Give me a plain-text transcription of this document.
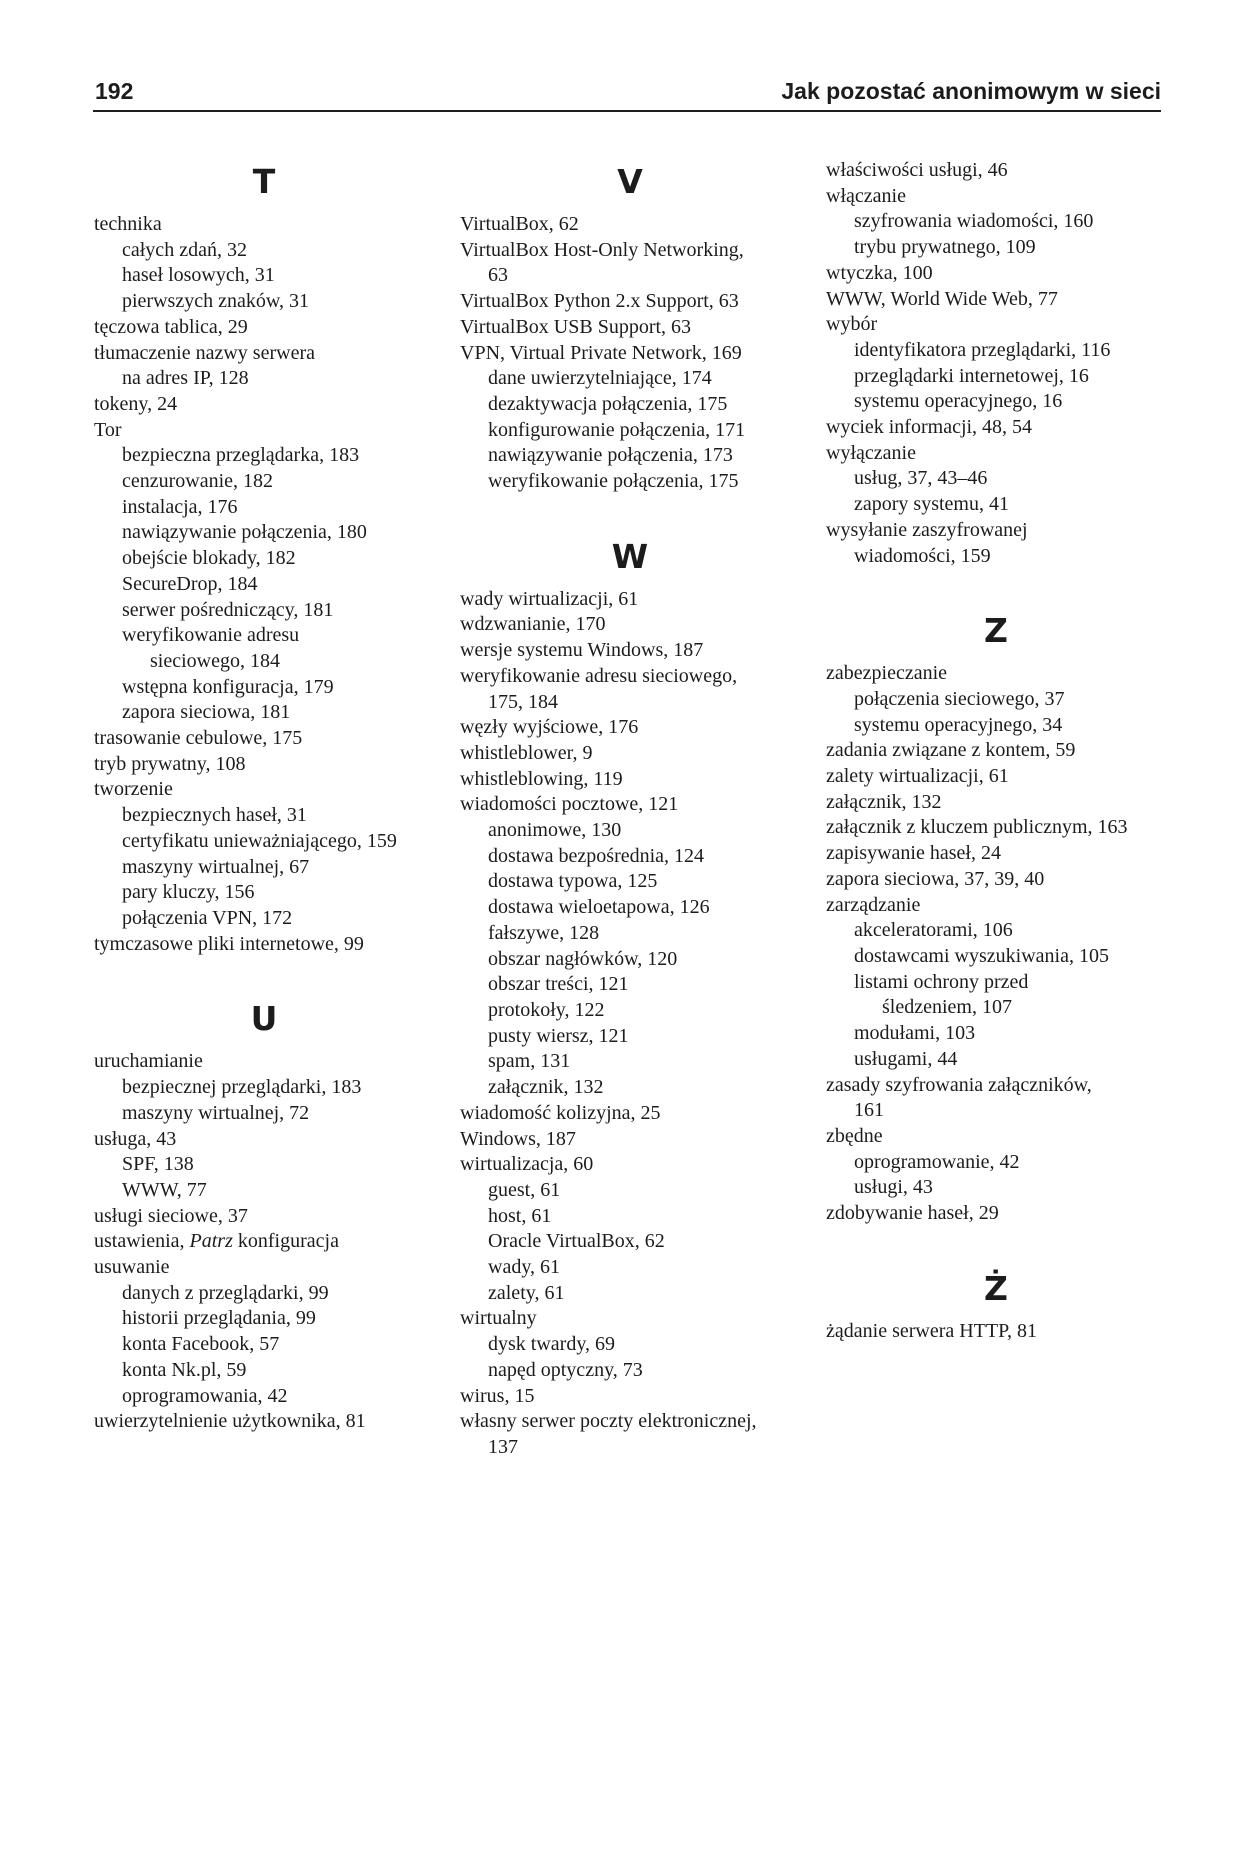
192	Jak pozostać anonimowym w sieci
T
technika
całych zdań, 32
haseł losowych, 31
pierwszych znaków, 31
tęczowa tablica, 29
tłumaczenie nazwy serwera
na adres IP, 128
tokeny, 24
Tor
bezpieczna przeglądarka, 183
cenzurowanie, 182
instalacja, 176
nawiązywanie połączenia, 180
obejście blokady, 182
SecureDrop, 184
serwer pośredniczący, 181
weryfikowanie adresu
sieciowego, 184
wstępna konfiguracja, 179
zapora sieciowa, 181
trasowanie cebulowe, 175
tryb prywatny, 108
tworzenie
bezpiecznych haseł, 31
certyfikatu unieważniającego, 159
maszyny wirtualnej, 67
pary kluczy, 156
połączenia VPN, 172
tymczasowe pliki internetowe, 99
U
uruchamianie
bezpiecznej przeglądarki, 183
maszyny wirtualnej, 72
usługa, 43
SPF, 138
WWW, 77
usługi sieciowe, 37
ustawienia, Patrz konfiguracja
usuwanie
danych z przeglądarki, 99
historii przeglądania, 99
konta Facebook, 57
konta Nk.pl, 59
oprogramowania, 42
uwierzytelnienie użytkownika, 81
V
VirtualBox, 62
VirtualBox Host-Only Networking,
63
VirtualBox Python 2.x Support, 63
VirtualBox USB Support, 63
VPN, Virtual Private Network, 169
dane uwierzytelniające, 174
dezaktywacja połączenia, 175
konfigurowanie połączenia, 171
nawiązywanie połączenia, 173
weryfikowanie połączenia, 175
W
wady wirtualizacji, 61
wdzwanianie, 170
wersje systemu Windows, 187
weryfikowanie adresu sieciowego,
175, 184
węzły wyjściowe, 176
whistleblower, 9
whistleblowing, 119
wiadomości pocztowe, 121
anonimowe, 130
dostawa bezpośrednia, 124
dostawa typowa, 125
dostawa wieloetapowa, 126
fałszywe, 128
obszar nagłówków, 120
obszar treści, 121
protokoły, 122
pusty wiersz, 121
spam, 131
załącznik, 132
wiadomość kolizyjna, 25
Windows, 187
wirtualizacja, 60
guest, 61
host, 61
Oracle VirtualBox, 62
wady, 61
zalety, 61
wirtualny
dysk twardy, 69
napęd optyczny, 73
wirus, 15
własny serwer poczty elektronicznej,
137
właściwości usługi, 46
włączanie
szyfrowania wiadomości, 160
trybu prywatnego, 109
wtyczka, 100
WWW, World Wide Web, 77
wybór
identyfikatora przeglądarki, 116
przeglądarki internetowej, 16
systemu operacyjnego, 16
wyciek informacji, 48, 54
wyłączanie
usług, 37, 43–46
zapory systemu, 41
wysyłanie zaszyfrowanej
wiadomości, 159
Z
zabezpieczanie
połączenia sieciowego, 37
systemu operacyjnego, 34
zadania związane z kontem, 59
zalety wirtualizacji, 61
załącznik, 132
załącznik z kluczem publicznym, 163
zapisywanie haseł, 24
zapora sieciowa, 37, 39, 40
zarządzanie
akceleratorami, 106
dostawcami wyszukiwania, 105
listami ochrony przed
śledzeniem, 107
modułami, 103
usługami, 44
zasady szyfrowania załączników,
161
zbędne
oprogramowanie, 42
usługi, 43
zdobywanie haseł, 29
Ż
żądanie serwera HTTP, 81
